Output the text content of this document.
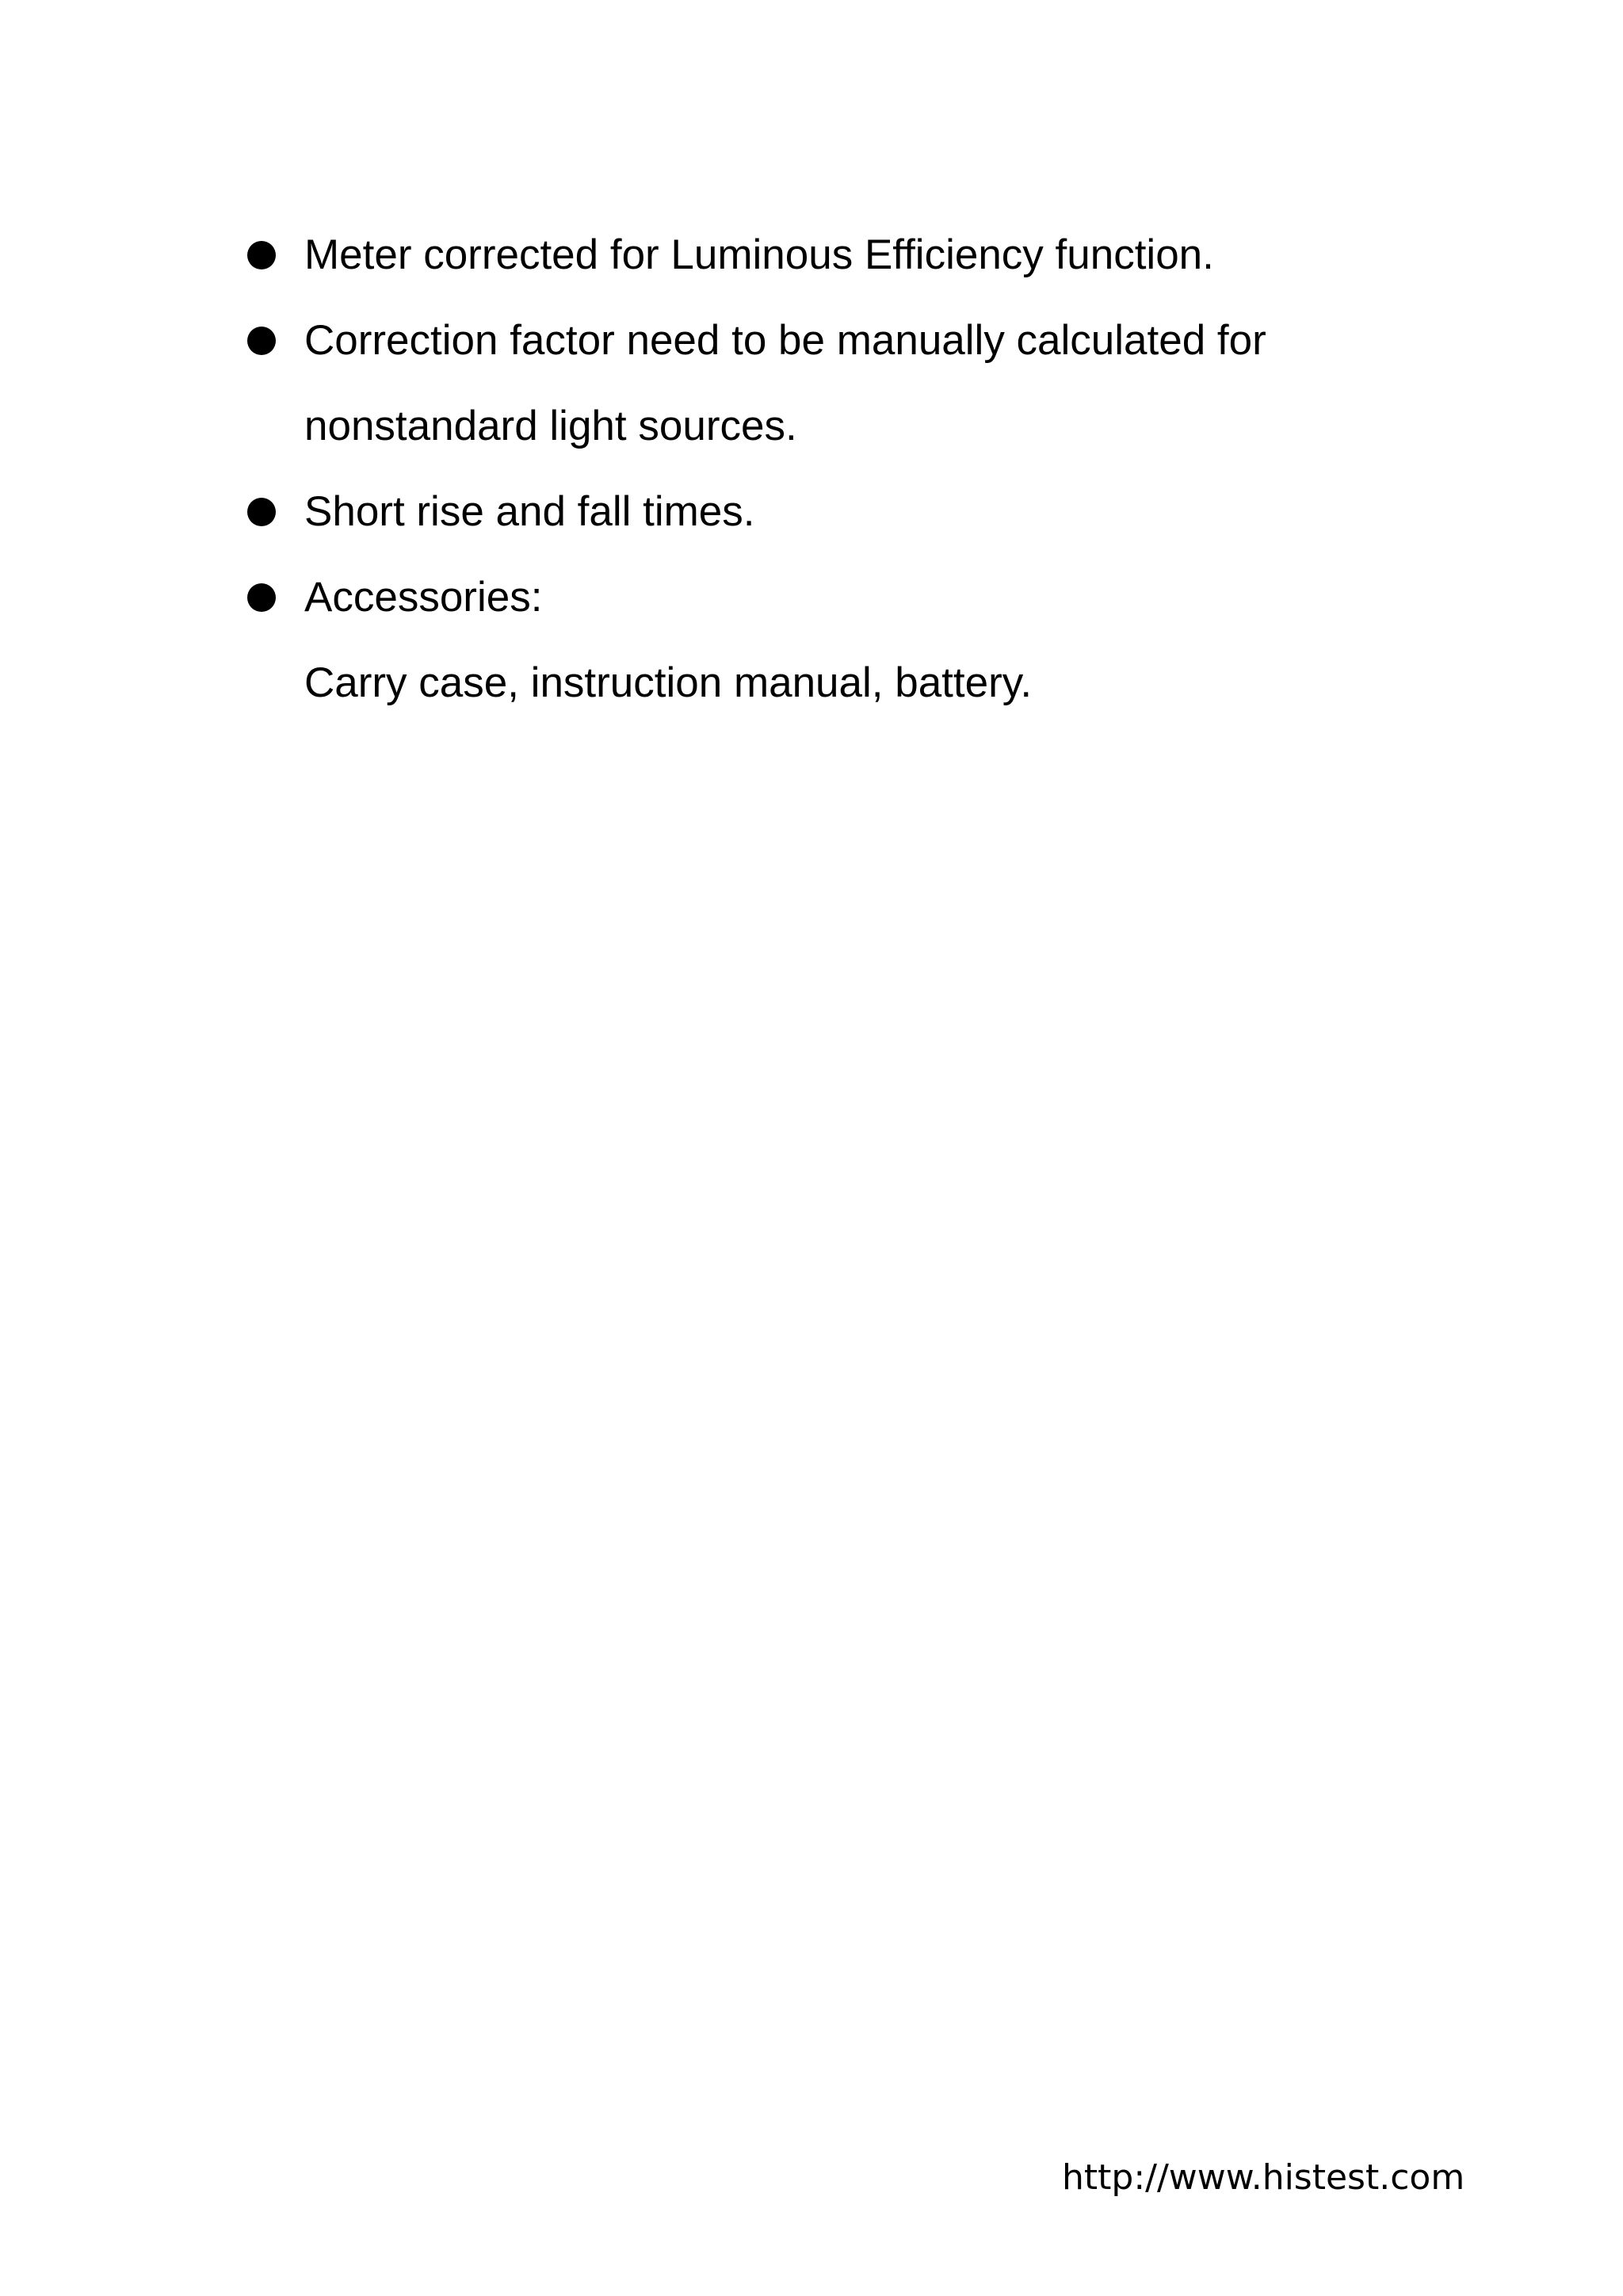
Meter corrected for Luminous Efficiency function.
Correction factor need to be manually calculated for
nonstandard light sources.
Short rise and fall times.
Accessories:
Carry case, instruction manual, battery.
http://www.histest.com
